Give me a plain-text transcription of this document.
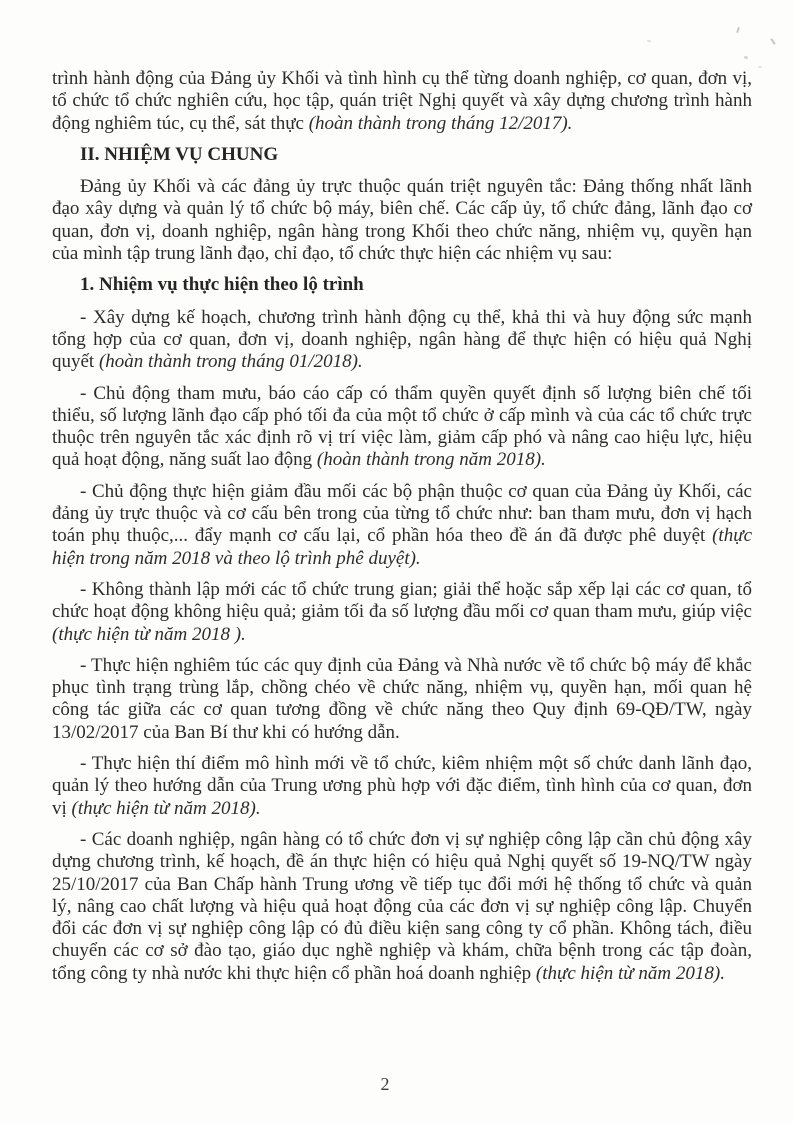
trình hành động của Đảng ủy Khối và tình hình cụ thể từng doanh nghiệp, cơ quan, đơn vị, tổ chức tổ chức nghiên cứu, học tập, quán triệt Nghị quyết và xây dựng chương trình hành động nghiêm túc, cụ thể, sát thực (hoàn thành trong tháng 12/2017).

II. NHIỆM VỤ CHUNG

Đảng ủy Khối và các đảng ủy trực thuộc quán triệt nguyên tắc: Đảng thống nhất lãnh đạo xây dựng và quản lý tổ chức bộ máy, biên chế. Các cấp ủy, tổ chức đảng, lãnh đạo cơ quan, đơn vị, doanh nghiệp, ngân hàng trong Khối theo chức năng, nhiệm vụ, quyền hạn của mình tập trung lãnh đạo, chỉ đạo, tổ chức thực hiện các nhiệm vụ sau:

1. Nhiệm vụ thực hiện theo lộ trình

- Xây dựng kế hoạch, chương trình hành động cụ thể, khả thi và huy động sức mạnh tổng hợp của cơ quan, đơn vị, doanh nghiệp, ngân hàng để thực hiện có hiệu quả Nghị quyết (hoàn thành trong tháng 01/2018).

- Chủ động tham mưu, báo cáo cấp có thẩm quyền quyết định số lượng biên chế tối thiểu, số lượng lãnh đạo cấp phó tối đa của một tổ chức ở cấp mình và của các tổ chức trực thuộc trên nguyên tắc xác định rõ vị trí việc làm, giảm cấp phó và nâng cao hiệu lực, hiệu quả hoạt động, năng suất lao động (hoàn thành trong năm 2018).

- Chủ động thực hiện giảm đầu mối các bộ phận thuộc cơ quan của Đảng ủy Khối, các đảng ủy trực thuộc và cơ cấu bên trong của từng tổ chức như: ban tham mưu, đơn vị hạch toán phụ thuộc,... đẩy mạnh cơ cấu lại, cổ phần hóa theo đề án đã được phê duyệt (thực hiện trong năm 2018 và theo lộ trình phê duyệt).

- Không thành lập mới các tổ chức trung gian; giải thể hoặc sắp xếp lại các cơ quan, tổ chức hoạt động không hiệu quả; giảm tối đa số lượng đầu mối cơ quan tham mưu, giúp việc (thực hiện từ năm 2018 ).

- Thực hiện nghiêm túc các quy định của Đảng và Nhà nước về tổ chức bộ máy để khắc phục tình trạng trùng lắp, chồng chéo về chức năng, nhiệm vụ, quyền hạn, mối quan hệ công tác giữa các cơ quan tương đồng về chức năng theo Quy định 69-QĐ/TW, ngày 13/02/2017 của Ban Bí thư khi có hướng dẫn.

- Thực hiện thí điểm mô hình mới về tổ chức, kiêm nhiệm một số chức danh lãnh đạo, quản lý theo hướng dẫn của Trung ương phù hợp với đặc điểm, tình hình của cơ quan, đơn vị (thực hiện từ năm 2018).

- Các doanh nghiệp, ngân hàng có tổ chức đơn vị sự nghiệp công lập cần chủ động xây dựng chương trình, kế hoạch, đề án thực hiện có hiệu quả Nghị quyết số 19-NQ/TW ngày 25/10/2017 của Ban Chấp hành Trung ương về tiếp tục đổi mới hệ thống tổ chức và quản lý, nâng cao chất lượng và hiệu quả hoạt động của các đơn vị sự nghiệp công lập. Chuyển đổi các đơn vị sự nghiệp công lập có đủ điều kiện sang công ty cổ phần. Không tách, điều chuyển các cơ sở đào tạo, giáo dục nghề nghiệp và khám, chữa bệnh trong các tập đoàn, tổng công ty nhà nước khi thực hiện cổ phần hoá doanh nghiệp (thực hiện từ năm 2018).

2
